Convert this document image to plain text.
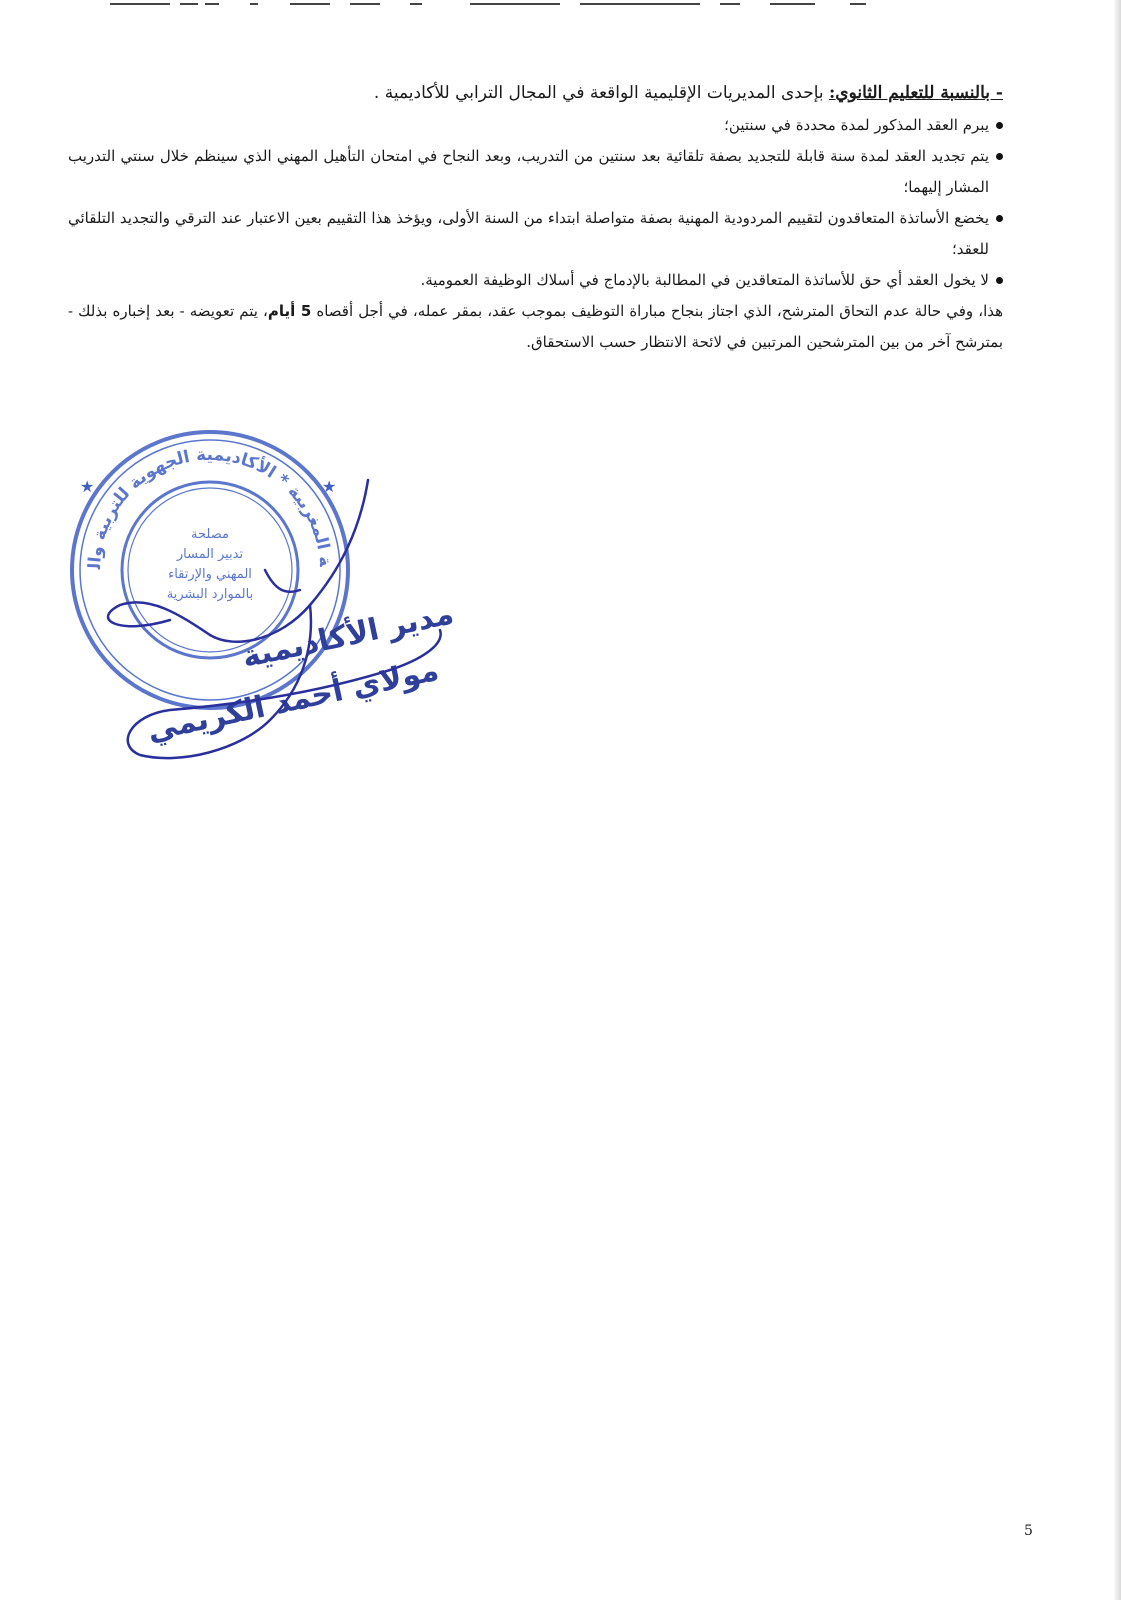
- بالنسبة للتعليم الثانوي: بإحدى المديريات الإقليمية الواقعة في المجال الترابي للأكاديمية .
يبرم العقد المذكور لمدة محددة في سنتين؛
يتم تجديد العقد لمدة سنة قابلة للتجديد بصفة تلقائية بعد سنتين من التدريب، وبعد النجاح في امتحان التأهيل المهني الذي سينظم خلال سنتي التدريب المشار إليهما؛
يخضع الأساتذة المتعاقدون لتقييم المردودية المهنية بصفة متواصلة ابتداء من السنة الأولى، ويؤخذ هذا التقييم بعين الاعتبار عند الترقي والتجديد التلقائي للعقد؛
لا يخول العقد أي حق للأساتذة المتعاقدين في المطالبة بالإدماج في أسلاك الوظيفة العمومية.

هذا، وفي حالة عدم التحاق المترشح، الذي اجتاز بنجاح مباراة التوظيف بموجب عقد، بمقر عمله، في أجل أقصاه 5 أيام، يتم تعويضه - بعد إخباره بذلك - بمترشح آخر من بين المترشحين المرتبين في لائحة الانتظار حسب الاستحقاق.

ة المغربية * الأكاديمية الجهوية للتربية وال
مصلحة
تدبير المسار
المهني والإرتقاء
بالموارد البشرية
★	★
مدير الأكاديمية
مولاي أحمد الكريمي
5
